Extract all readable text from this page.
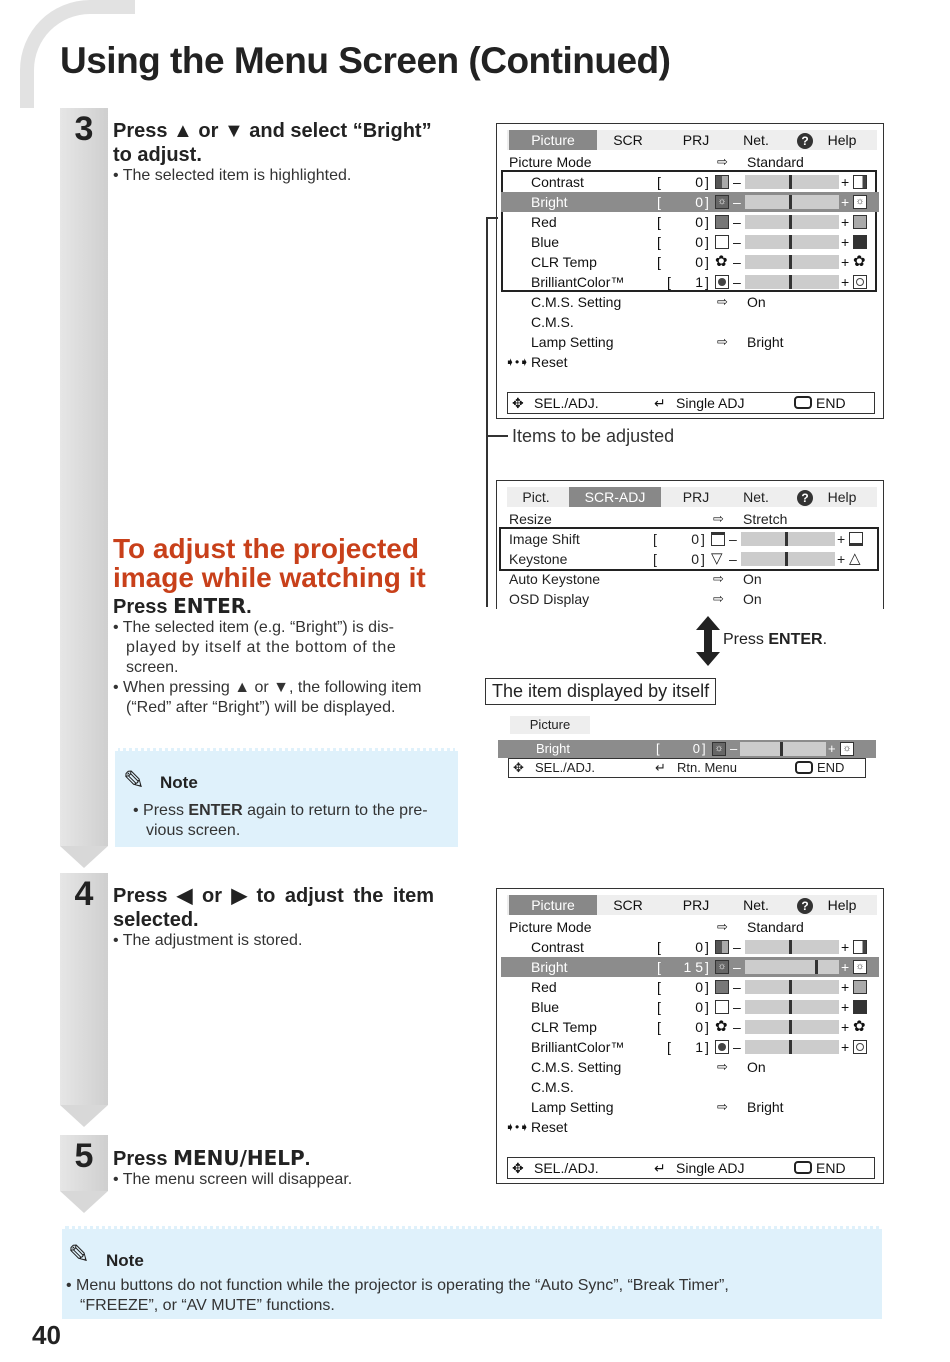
Using the Menu Screen (Continued)
3
4
5
Press ▲ or ▼ and select “Bright”
to adjust.
• The selected item is highlighted.
To adjust the projected
image while watching it
Press ENTER.
• The selected item (e.g. “Bright”) is dis-
played by itself at the bottom of the
screen.
• When pressing ▲ or ▼, the following item
(“Red” after “Bright”) will be displayed.
✎ Note
• Press ENTER again to return to the pre-
vious screen.
Press ◀ or ▶ to adjust the item
selected.
• The adjustment is stored.
Press MENU/HELP.
• The menu screen will disappear.
✎ Note
• Menu buttons do not function while the projector is operating the “Auto Sync”, “Break Timer”,
“FREEZE”, or “AV MUTE” functions.
40
Picture	SCR	PRJ	Net.	?	Help
Picture Mode	⇨ Standard
Contrast	[	0 ] –	+
Bright	[	0 ] ☼ –	+ ☼
Red	[	0 ] –	+
Blue	[	0 ] –	+
CLR Temp	[	0 ] ✿ –	+ ✿
BrilliantColor™	[	1 ] –	+
C.M.S. Setting	⇨ On
C.M.S.
Lamp Setting	⇨ Bright
➧•➧ Reset
✥ SEL./ADJ.	↵ Single ADJ	END
Items to be adjusted
Pict.	SCR-ADJ	PRJ	Net.	?	Help
Resize	⇨ Stretch
Image Shift	[	0 ] –	+
Keystone	[	0 ] ▽ –	+ △
Auto Keystone	⇨ On
OSD Display	⇨ On
Press ENTER.
The item displayed by itself
Picture
Bright	[	0 ] ☼ –	+ ☼
✥ SEL./ADJ.	↵ Rtn. Menu	END
Picture	SCR	PRJ	Net.	?	Help
Picture Mode	⇨ Standard
Contrast	[	0 ] –	+
Bright	[ 1 5 ] ☼ –	+ ☼
Red	[	0 ] –	+
Blue	[	0 ] –	+
CLR Temp	[	0 ] ✿ –	+ ✿
BrilliantColor™	[	1 ] –	+
C.M.S. Setting	⇨ On
C.M.S.
Lamp Setting	⇨ Bright
➧•➧ Reset
✥ SEL./ADJ.	↵ Single ADJ	END
